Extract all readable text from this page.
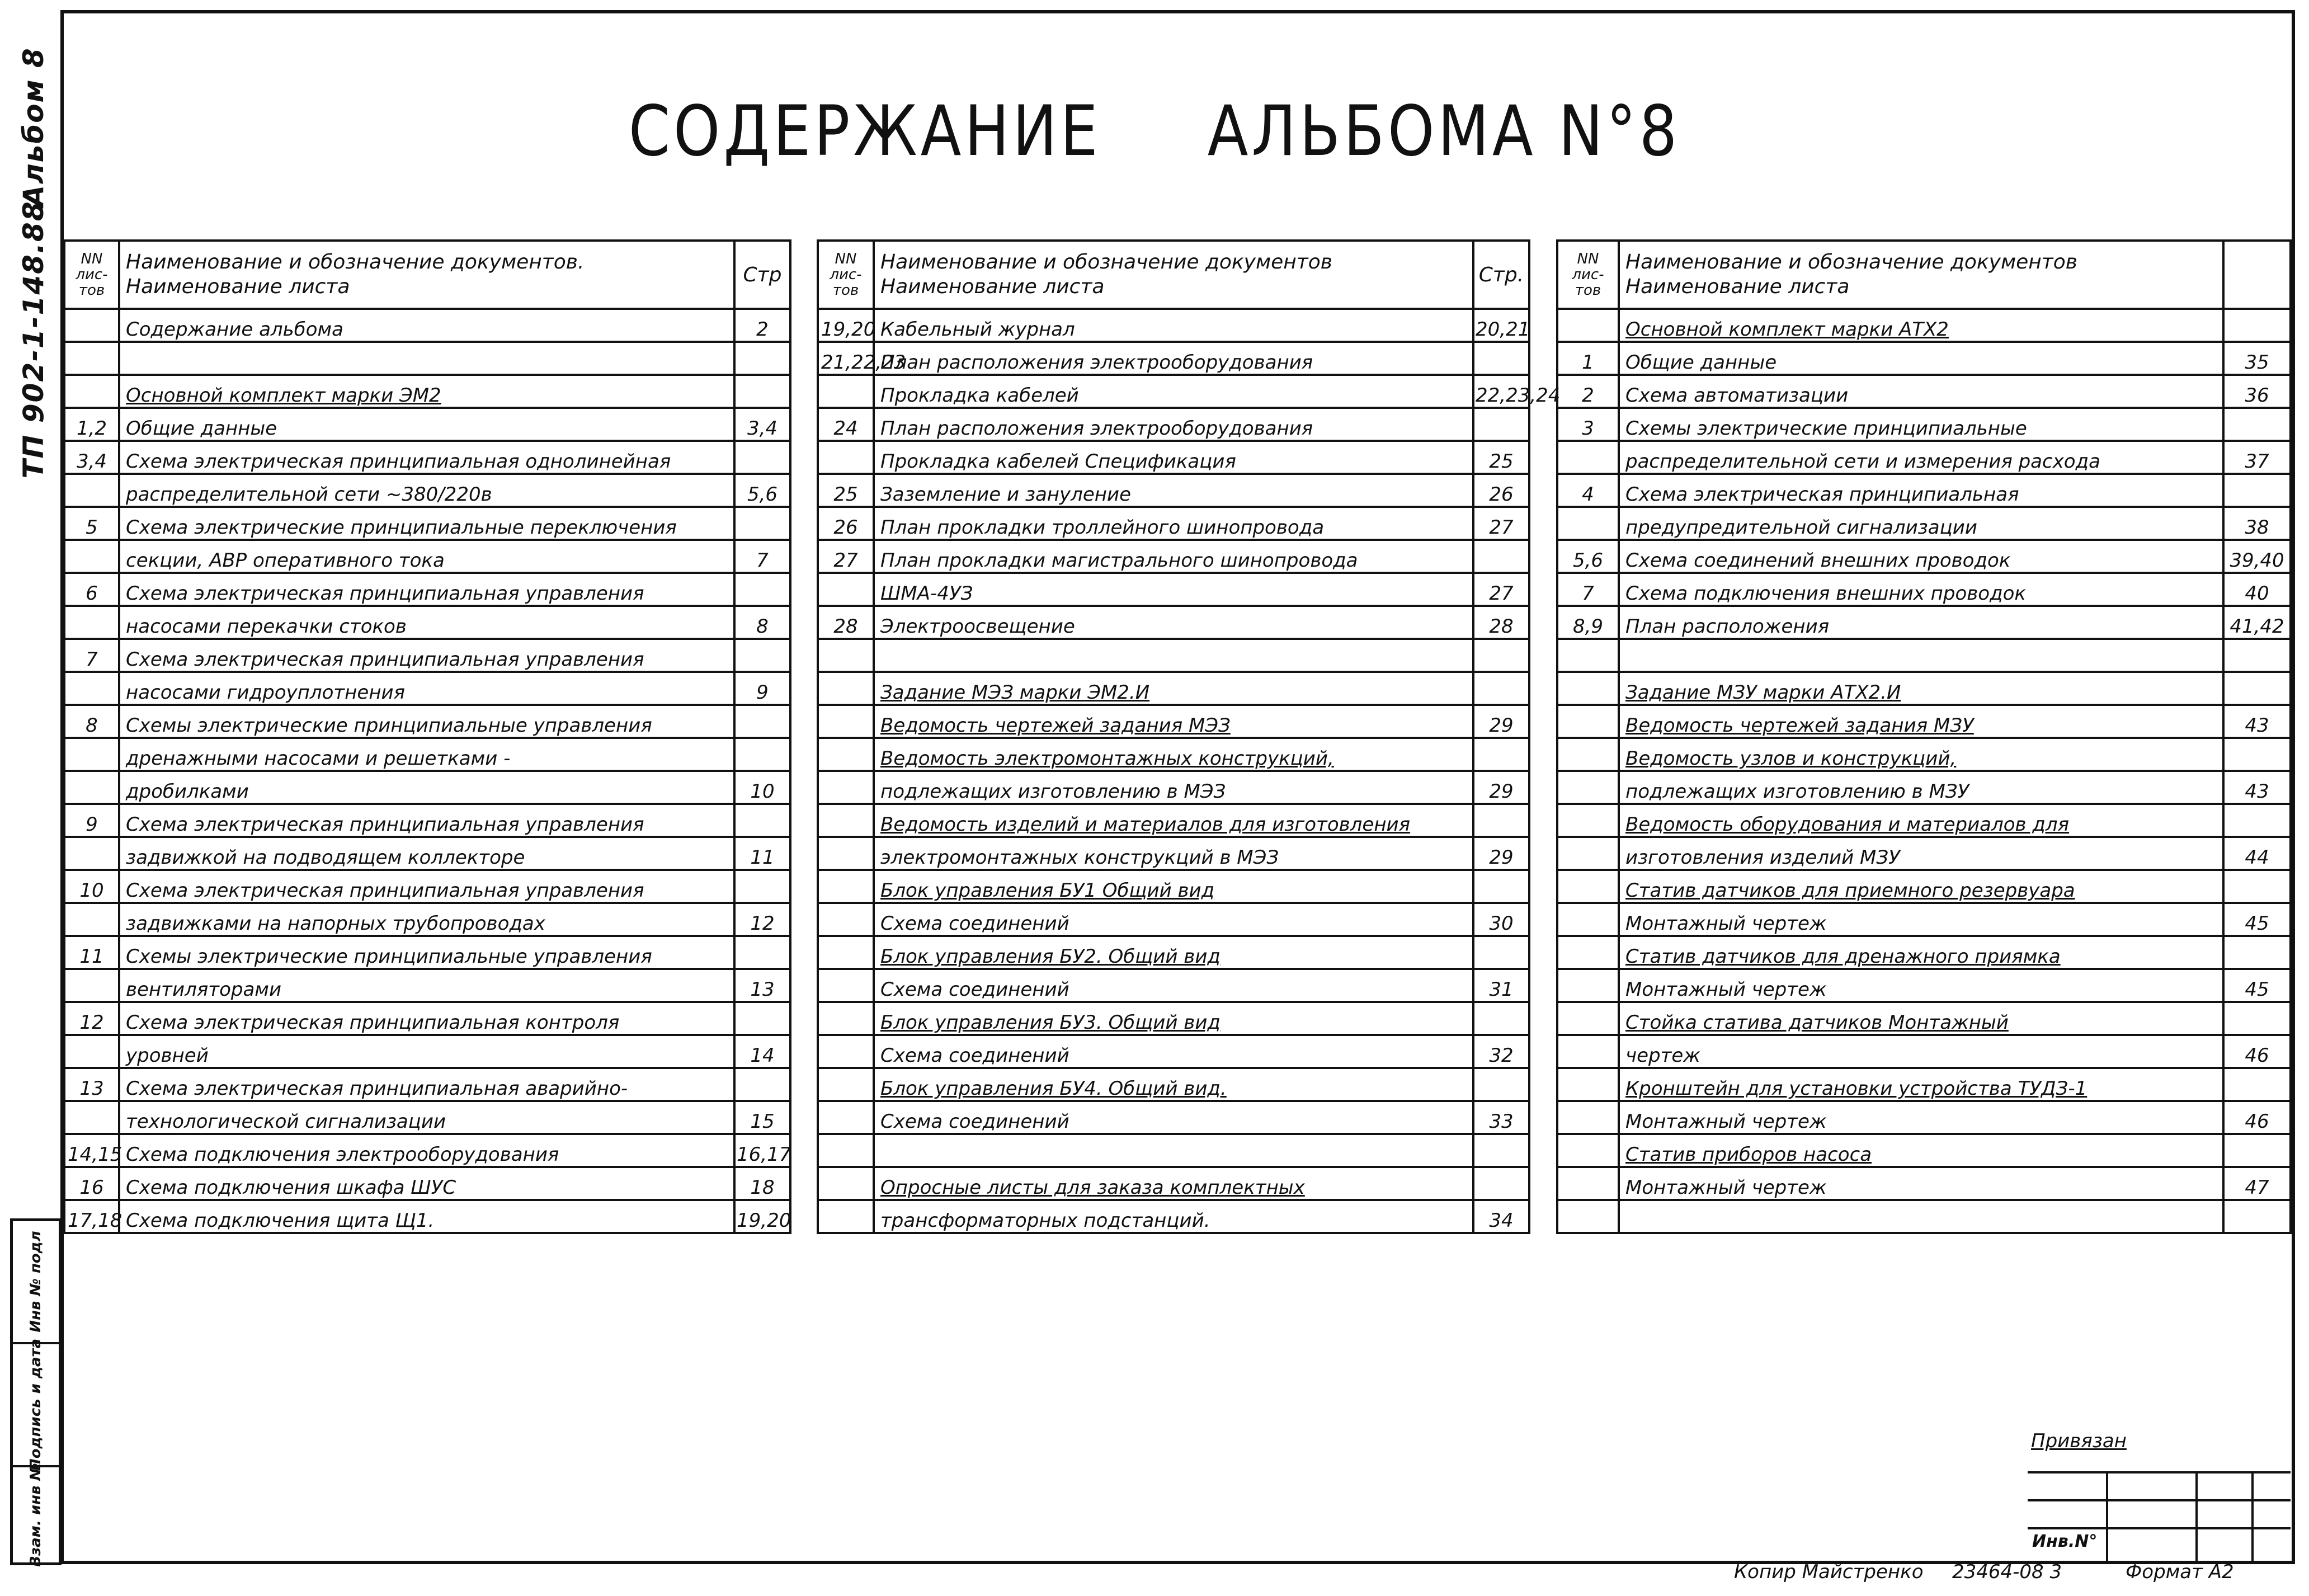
Альбом 8
ТП 902-1-148.88
Инв № подл
Подпись и дата
Взам. инв №
СОДЕРЖАНИЕ АЛЬБОМА N°8
NN лис- тов	Наименование и обозначение документов.
Наименование листа	Стр
	Содержание альбома	2

	Основной комплект марки ЭМ2	
1,2	Общие данные	3,4
3,4	Схема электрическая принципиальная однолинейная	
	распределительной сети ~380/220в	5,6
5	Схема электрические принципиальные переключения	
	секции, АВР оперативного тока	7
6	Схема электрическая принципиальная управления	
	насосами перекачки стоков	8
7	Схема электрическая принципиальная управления	
	насосами гидроуплотнения	9
8	Схемы электрические принципиальные управления	
	дренажными насосами и решетками -	
	дробилками	10
9	Схема электрическая принципиальная управления	
	задвижкой на подводящем коллекторе	11
10	Схема электрическая принципиальная управления	
	задвижками на напорных трубопроводах	12
11	Схемы электрические принципиальные управления	
	вентиляторами	13
12	Схема электрическая принципиальная контроля	
	уровней	14
13	Схема электрическая принципиальная аварийно-	
	технологической сигнализации	15
14,15	Схема подключения электрооборудования	16,17
16	Схема подключения шкафа ШУС	18
17,18	Схема подключения щита Щ1.	19,20
NN лис- тов	Наименование и обозначение документов
Наименование листа	Стр.
19,20	Кабельный журнал	20,21
21,22,23	План расположения электрооборудования	
	Прокладка кабелей	22,23,24
24	План расположения электрооборудования	
	Прокладка кабелей Спецификация	25
25	Заземление и зануление	26
26	План прокладки троллейного шинопровода	27
27	План прокладки магистрального шинопровода	
	ШМА-4УЗ	27
28	Электроосвещение	28

	Задание МЭЗ марки ЭМ2.И	
	Ведомость чертежей задания МЭЗ	29
	Ведомость электромонтажных конструкций,	
	подлежащих изготовлению в МЭЗ	29
	Ведомость изделий и материалов для изготовления	
	электромонтажных конструкций в МЭЗ	29
	Блок управления БУ1 Общий вид	
	Схема соединений	30
	Блок управления БУ2. Общий вид	
	Схема соединений	31
	Блок управления БУ3. Общий вид	
	Схема соединений	32
	Блок управления БУ4. Общий вид.	
	Схема соединений	33

	Опросные листы для заказа комплектных	
	трансформаторных подстанций.	34
NN лис- тов	Наименование и обозначение документов
Наименование листа	

	Основной комплект марки АТХ2	
1	Общие данные	35
2	Схема автоматизации	36
3	Схемы электрические принципиальные	
	распределительной сети и измерения расхода	37
4	Схема электрическая принципиальная	
	предупредительной сигнализации	38
5,6	Схема соединений внешних проводок	39,40
7	Схема подключения внешних проводок	40
8,9	План расположения	41,42

	Задание МЗУ марки АТХ2.И	
	Ведомость чертежей задания МЗУ	43
	Ведомость узлов и конструкций,	
	подлежащих изготовлению в МЗУ	43
	Ведомость оборудования и материалов для	
	изготовления изделий МЗУ	44
	Статив датчиков для приемного резервуара	
	Монтажный чертеж	45
	Статив датчиков для дренажного приямка	
	Монтажный чертеж	45
	Стойка статива датчиков Монтажный	
	чертеж	46
	Кронштейн для установки устройства ТУДЗ-1	
	Монтажный чертеж	46
	Статив приборов насоса	
	Монтажный чертеж	47

Привязан
Инв.N°
Копир Майстренко 23464-08 3	Формат А2
